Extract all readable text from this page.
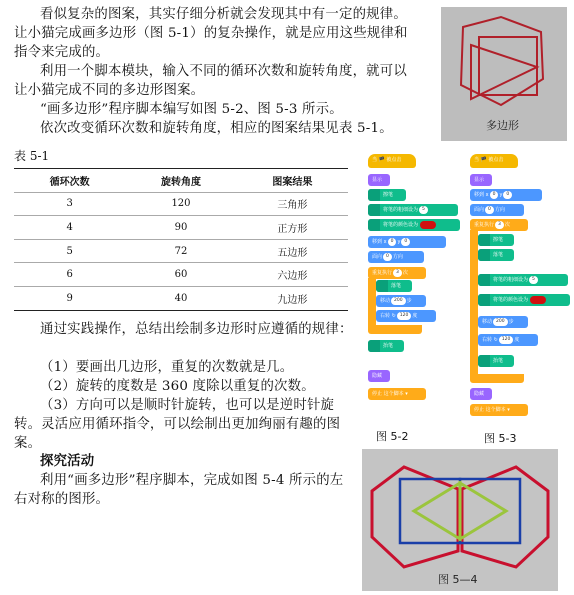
看似复杂的图案，其实仔细分析就会发现其中有一定的规律。让小猫完成画多边形（图 5-1）的复杂操作，就是应用这些规律和指令来完成的。
利用一个脚本模块，输入不同的循环次数和旋转角度，就可以让小猫完成不同的多边形图案。
“画多边形”程序脚本编写如图 5-2、图 5-3 所示。
依次改变循环次数和旋转角度，相应的图案结果见表 5-1。	多边形
表 5-1
循环次数	旋转角度	图案结果
3	120	三角形
4	90	正方形
5	72	五边形
6	60	六边形
9	40	九边形
通过实践操作，总结出绘制多边形时应遵循的规律：
（1）要画出几边形，重复的次数就是几。
（2）旋转的度数是 360 度除以重复的次数。
（3）方向可以是顺时针旋转，也可以是逆时针旋转。灵活应用循环指令，可以绘制出更加绚丽有趣的图案。
探究活动
利用“画多边形”程序脚本，完成如图 5-4 所示的左右对称的图形。
当 🏴 被点击
显示
擦笔
将笔的粗细设为 5
将笔的颜色设为
移到 x 0 y 0
面向 0 方向
重复执行 3 次
落笔
移动 200 步
右转 ↻ 120 度
抬笔
隐藏
停止 这个脚本 ▾
当 🏴 被点击
显示
移到 x 0 y 0
面向 0 方向
重复执行 3 次
擦笔
落笔
将笔的粗细设为 5
将笔的颜色设为
移动 200 步
右转 ↻ 120 度
抬笔
隐藏
停止 这个脚本 ▾
图 5-2	图 5-3
图 5—4
